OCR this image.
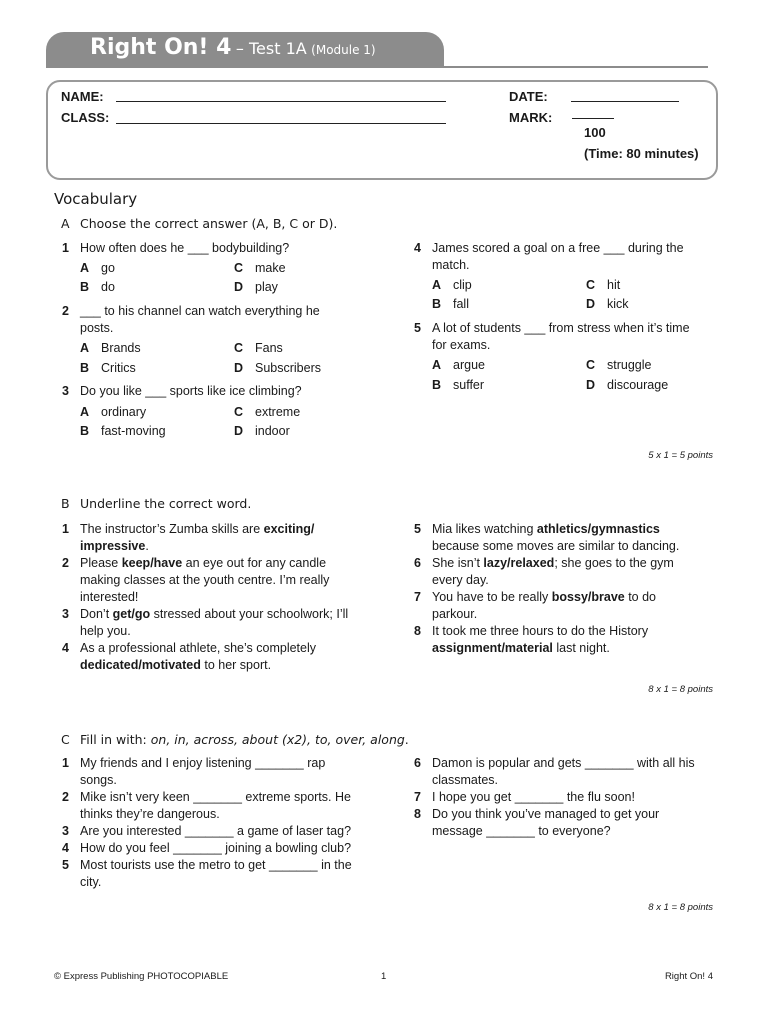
Right On! 4 – Test 1A (Module 1)
NAME:
CLASS:
DATE:
MARK:
100
(Time: 80 minutes)
Vocabulary
A Choose the correct answer (A, B, C or D).
1 How often does he ___ bodybuilding?
A go	C make
B do	D play
2 ___ to his channel can watch everything he
posts.
A Brands	C Fans
B Critics	D Subscribers
3 Do you like ___ sports like ice climbing?
A ordinary	C extreme
B fast-moving	D indoor
4 James scored a goal on a free ___ during the
match.
A clip	C hit
B fall	D kick
5 A lot of students ___ from stress when it’s time
for exams.
A argue	C struggle
B suffer	D discourage
5 x 1 = 5 points
B Underline the correct word.
1 The instructor’s Zumba skills are exciting/
impressive.
2 Please keep/have an eye out for any candle
making classes at the youth centre. I’m really
interested!
3 Don’t get/go stressed about your schoolwork; I’ll
help you.
4 As a professional athlete, she’s completely
dedicated/motivated to her sport.
5 Mia likes watching athletics/gymnastics
because some moves are similar to dancing.
6 She isn’t lazy/relaxed; she goes to the gym
every day.
7 You have to be really bossy/brave to do
parkour.
8 It took me three hours to do the History
assignment/material last night.
8 x 1 = 8 points
C Fill in with: on, in, across, about (x2), to, over, along.
1 My friends and I enjoy listening _______ rap
songs.
2 Mike isn’t very keen _______ extreme sports. He
thinks they’re dangerous.
3 Are you interested _______ a game of laser tag?
4 How do you feel _______ joining a bowling club?
5 Most tourists use the metro to get _______ in the
city.
6 Damon is popular and gets _______ with all his
classmates.
7 I hope you get _______ the flu soon!
8 Do you think you’ve managed to get your
message _______ to everyone?
8 x 1 = 8 points
© Express Publishing PHOTOCOPIABLE	1	Right On! 4
